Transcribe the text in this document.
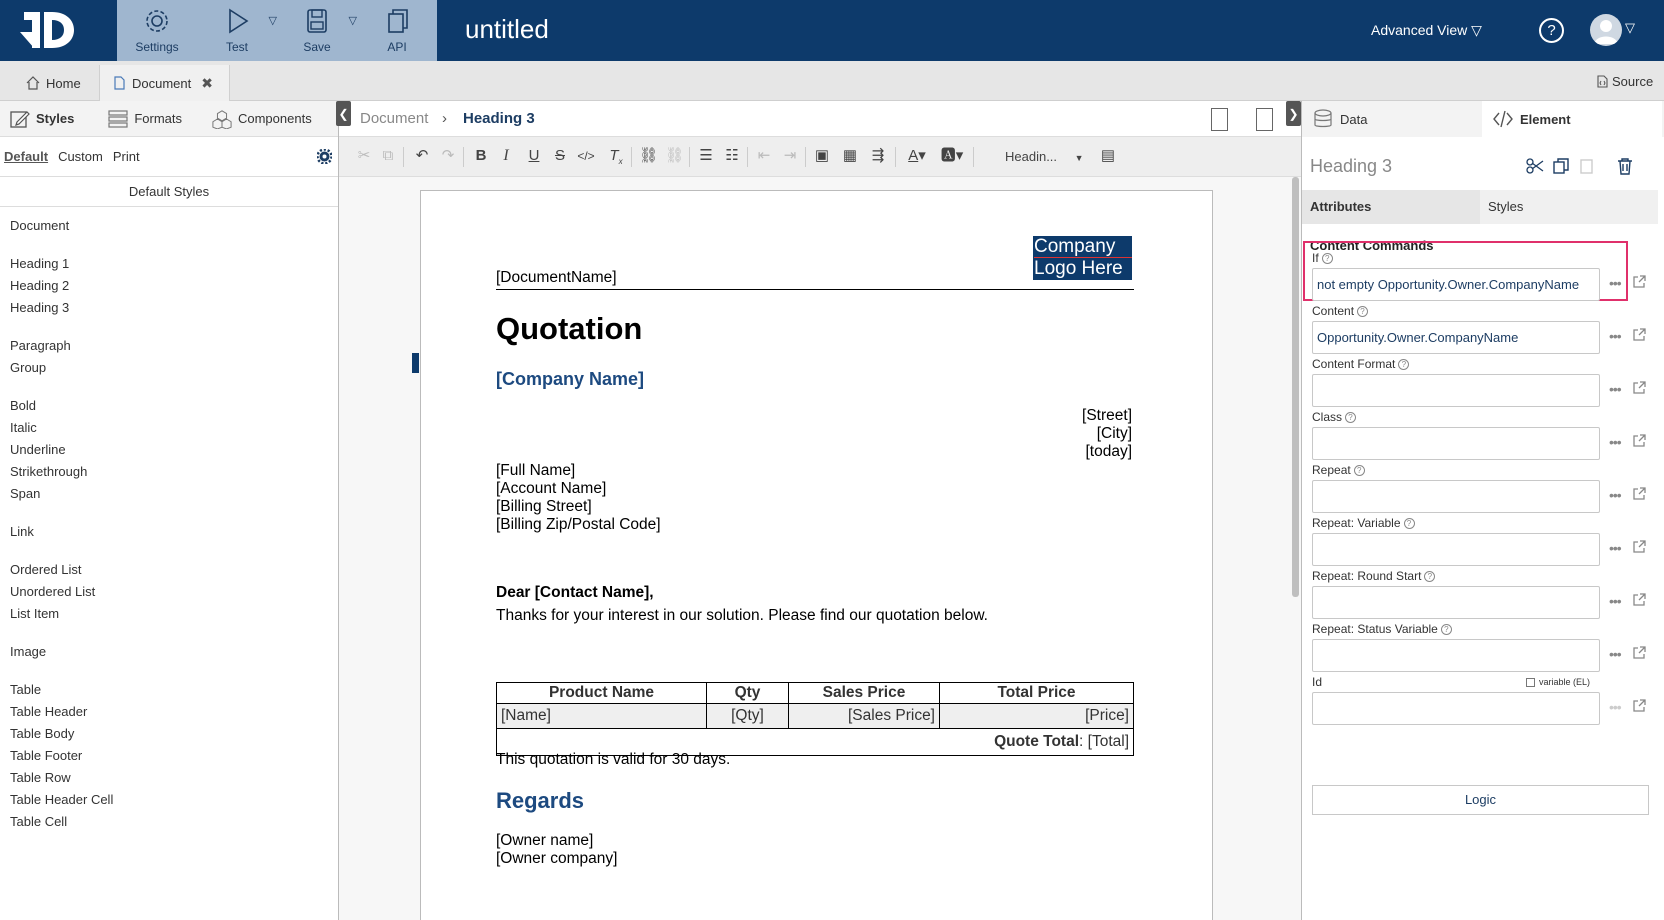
Settings	Test
▽
Save
▽
API
untitled	Advanced View ▽	?	▽
Home	Document ✖	Source
Styles	Formats	Components
Default Custom Print
Default Styles
Document
Heading 1
Heading 2
Heading 3
Paragraph
Group
Bold
Italic
Underline
Strikethrough
Span
Link
Ordered List
Unordered List
List Item
Image
Table
Table Header
Table Body
Table Footer
Table Row
Table Header Cell
Table Cell
❮ Document › Heading 3	❯
✂ ⧉ ↶ ↷ B	I	U S	</> $T_x$ ⛓ ⛓ ☰ ☷ ⇤ ⇥ ▣ ▦ ⇶ A▾ 🅰▾	Headin... ▼ ▤
Company
Logo Here
[DocumentName]
Quotation
[Company Name]
[Street]
[City]
[today]
[Full Name]
[Account Name]
[Billing Street]
[Billing Zip/Postal Code]
Dear [Contact Name],
Thanks for your interest in our solution. Please find our quotation below.
Product Name	Qty	Sales Price	Total Price
[Name]	[Qty]	[Sales Price]	[Price]
Quote Total: [Total]			
This quotation is valid for 30 days.
Regards
[Owner name]
[Owner company]
Data	Element
Heading 3
Attributes	Styles
Content Commands
If ?
not empty Opportunity.Owner.CompanyName	•••
Content ?
Opportunity.Owner.CompanyName	•••
Content Format ?
•••
Class ?
•••
Repeat ?
•••
Repeat: Variable ?
•••
Repeat: Round Start ?
•••
Repeat: Status Variable ?
•••
Id	variable (EL)
•••
Logic
